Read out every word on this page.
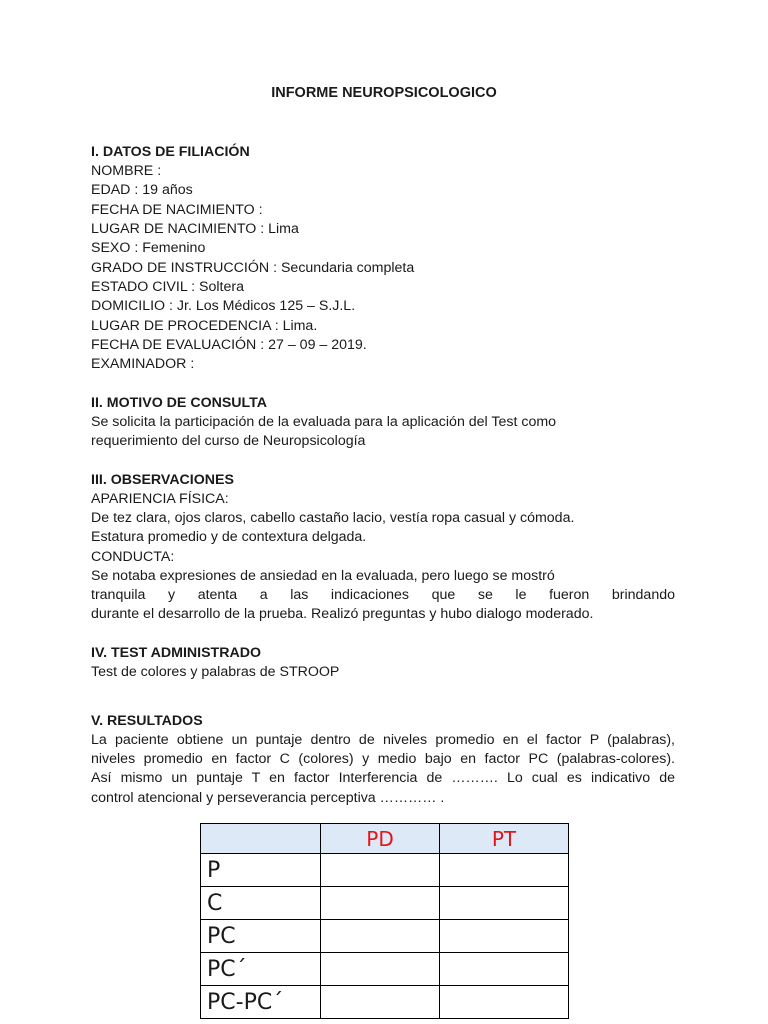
INFORME NEUROPSICOLOGICO
I. DATOS DE FILIACIÓN
NOMBRE :
EDAD : 19 años
FECHA DE NACIMIENTO :
LUGAR DE NACIMIENTO : Lima
SEXO : Femenino
GRADO DE INSTRUCCIÓN : Secundaria completa
ESTADO CIVIL : Soltera
DOMICILIO : Jr. Los Médicos 125 – S.J.L.
LUGAR DE PROCEDENCIA : Lima.
FECHA DE EVALUACIÓN : 27 – 09 – 2019.
EXAMINADOR :
II. MOTIVO DE CONSULTA
Se solicita la participación de la evaluada para la aplicación del Test como
requerimiento del curso de Neuropsicología
III. OBSERVACIONES
APARIENCIA FÍSICA:
De tez clara, ojos claros, cabello castaño lacio, vestía ropa casual y cómoda.
Estatura promedio y de contextura delgada.
CONDUCTA:
Se notaba expresiones de ansiedad en la evaluada, pero luego se mostró
tranquila y atenta a las indicaciones que se le fueron brindando
durante el desarrollo de la prueba. Realizó preguntas y hubo dialogo moderado.
IV. TEST ADMINISTRADO
Test de colores y palabras de STROOP
V. RESULTADOS
La paciente obtiene un puntaje dentro de niveles promedio en el factor P (palabras),
niveles promedio en factor C (colores) y medio bajo en factor PC (palabras-colores).
Así mismo un puntaje T en factor Interferencia de ………. Lo cual es indicativo de
control atencional y perseverancia perceptiva ………… .
	PD	PT
P		
C		
PC		
PC´		
PC-PC´		
